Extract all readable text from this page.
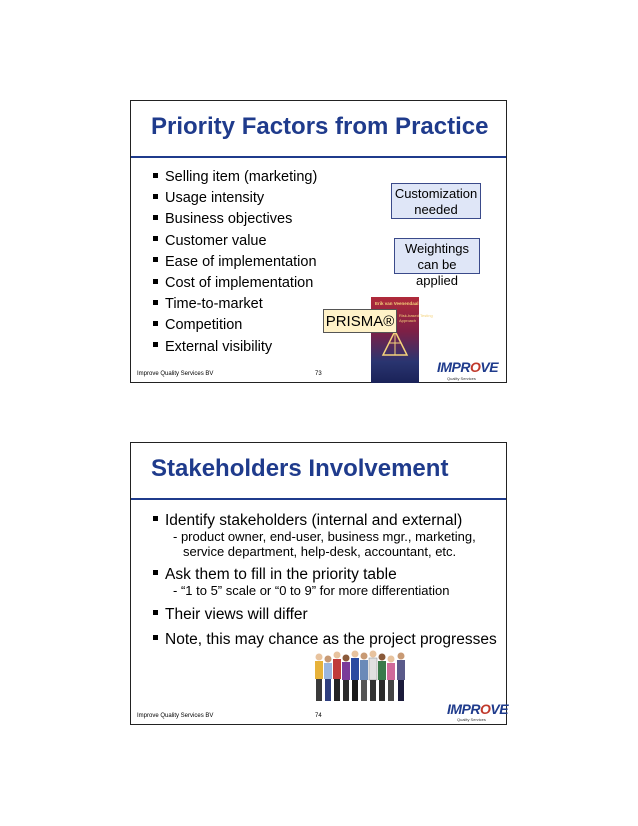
Priority Factors from Practice
Selling item (marketing)
Usage intensity
Business objectives
Customer value
Ease of implementation
Cost of implementation
Time-to-market
Competition
External visibility
Customization needed
Weightings can be applied
Erik van Veenendaal
Risk-based Testing
Approach
PRISMA®
Improve Quality Services BV	73	IMPROVE
Quality Services
Stakeholders Involvement
Identify stakeholders (internal and external)
- product owner, end-user, business mgr., marketing,
service department, help-desk, accountant, etc.
Ask them to fill in the priority table
- “1 to 5” scale or “0 to 9” for more differentiation
Their views will differ
Note, this may chance as the project progresses
Improve Quality Services BV	74	IMPROVE
Quality Services
